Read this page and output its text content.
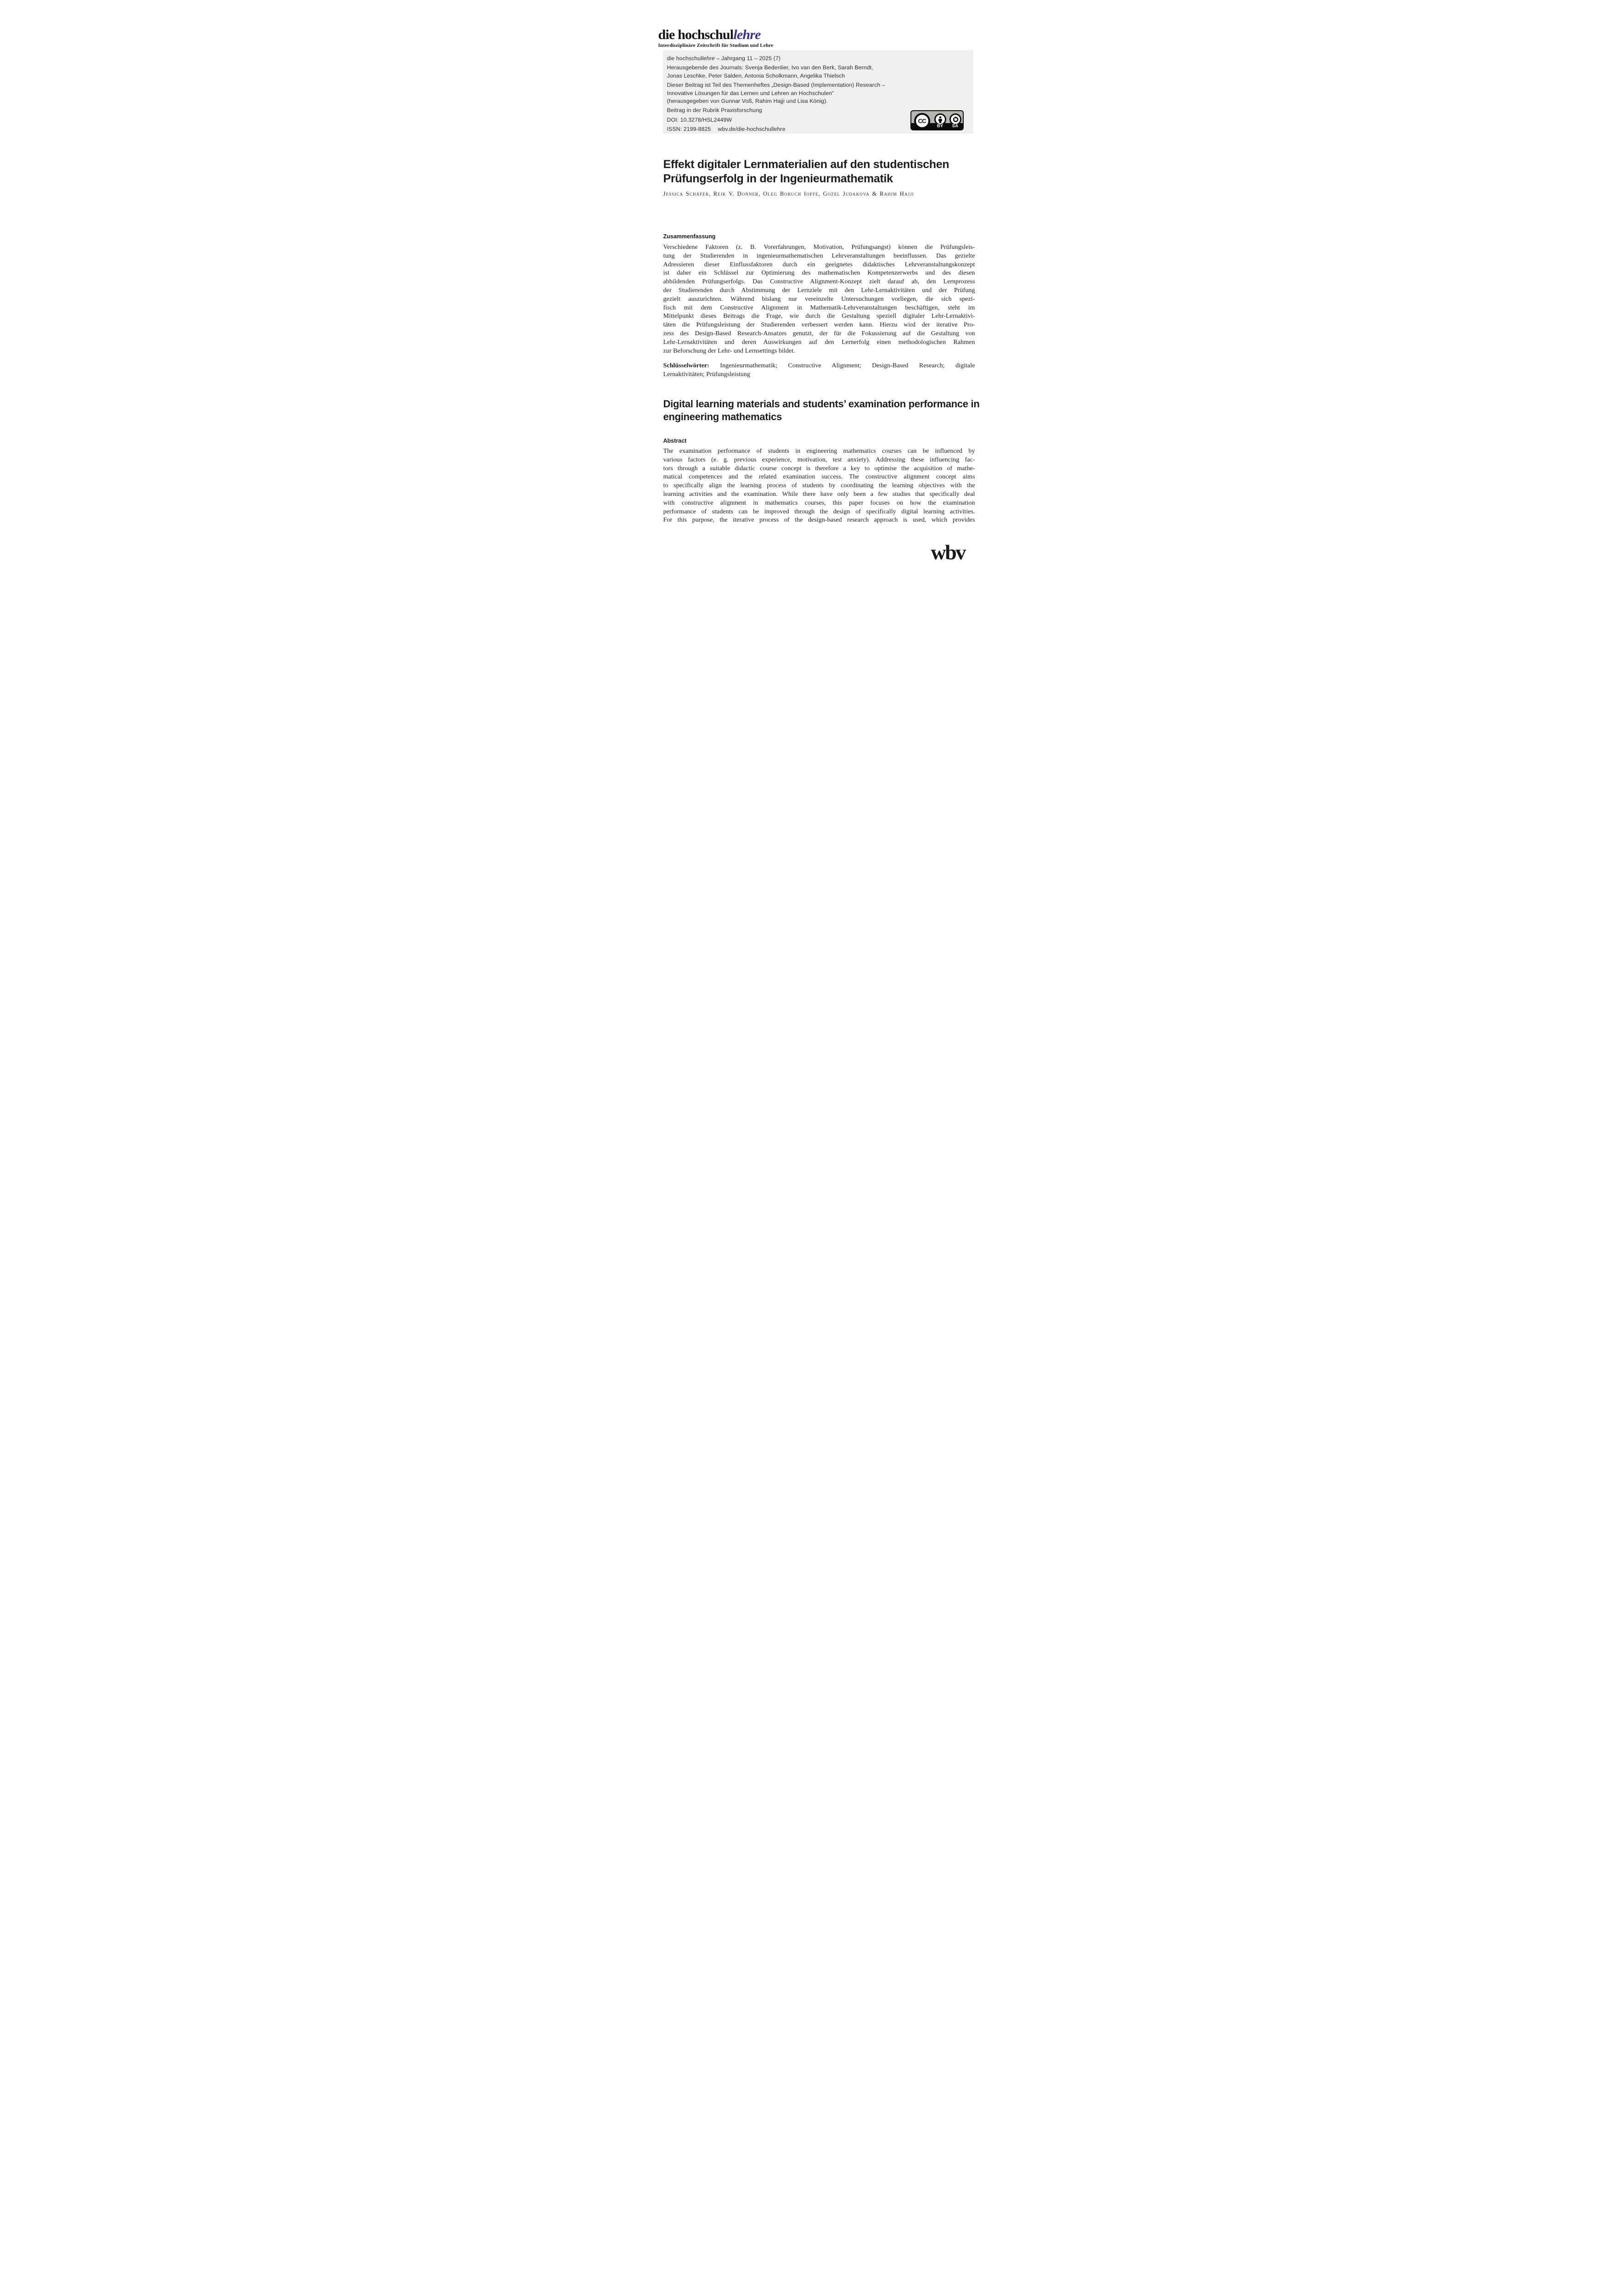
die hochschullehre
Interdisziplinäre Zeitschrift für Studium und Lehre

die hochschullehre – Jahrgang 11 – 2025 (7)

Herausgebende des Journals: Svenja Bedenlier, Ivo van den Berk, Sarah Berndt,
Jonas Leschke, Peter Salden, Antonia Scholkmann, Angelika Thielsch

Dieser Beitrag ist Teil des Themenheftes „Design-Based (Implementation) Research –
Innovative Lösungen für das Lernen und Lehren an Hochschulen“
(herausgegeben von Gunnar Voß, Rahim Hajji und Lisa König).

Beitrag in der Rubrik Praxisforschung

DOI: 10.3278/HSL2449W

ISSN: 2199-8825 wbv.de/die-hochschullehre

CC
BY	SA
Effekt digitaler Lernmaterialien auf den studentischen
Prüfungserfolg in der Ingenieurmathematik
Jessica Schäfer, Reik V. Donner, Oleg Boruch Ioffe, Gozel Judakova & Rahim Hajji
Zusammenfassung
Verschiedene Faktoren (z. B. Vorerfahrungen, Motivation, Prüfungsangst) können die Prüfungsleis-
tung der Studierenden in ingenieurmathematischen Lehrveranstaltungen beeinflussen. Das gezielte
Adressieren dieser Einflussfaktoren durch ein geeignetes didaktisches Lehrveranstaltungskonzept
ist daher ein Schlüssel zur Optimierung des mathematischen Kompetenzerwerbs und des diesen
abbildenden Prüfungserfolgs. Das Constructive Alignment-Konzept zielt darauf ab, den Lernprozess
der Studierenden durch Abstimmung der Lernziele mit den Lehr-Lernaktivitäten und der Prüfung
gezielt auszurichten. Während bislang nur vereinzelte Untersuchungen vorliegen, die sich spezi-
fisch mit dem Constructive Alignment in Mathematik-Lehrveranstaltungen beschäftigen, steht im
Mittelpunkt dieses Beitrags die Frage, wie durch die Gestaltung speziell digitaler Lehr-Lernaktivi-
täten die Prüfungsleistung der Studierenden verbessert werden kann. Hierzu wird der iterative Pro-
zess des Design-Based Research-Ansatzes genutzt, der für die Fokussierung auf die Gestaltung von
Lehr-Lernaktivitäten und deren Auswirkungen auf den Lernerfolg einen methodologischen Rahmen
zur Beforschung der Lehr- und Lernsettings bildet.

Schlüsselwörter: Ingenieurmathematik; Constructive Alignment; Design-Based Research; digitale
Lernaktivitäten; Prüfungsleistung

Digital learning materials and students’ examination performance in
engineering mathematics
Abstract
The examination performance of students in engineering mathematics courses can be influenced by
various factors (e. g. previous experience, motivation, test anxiety). Addressing these influencing fac-
tors through a suitable didactic course concept is therefore a key to optimise the acquisition of mathe-
matical competences and the related examination success. The constructive alignment concept aims
to specifically align the learning process of students by coordinating the learning objectives with the
learning activities and the examination. While there have only been a few studies that specifically deal
with constructive alignment in mathematics courses, this paper focuses on how the examination
performance of students can be improved through the design of specifically digital learning activities.
For this purpose, the iterative process of the design-based research approach is used, which provides
wbv
